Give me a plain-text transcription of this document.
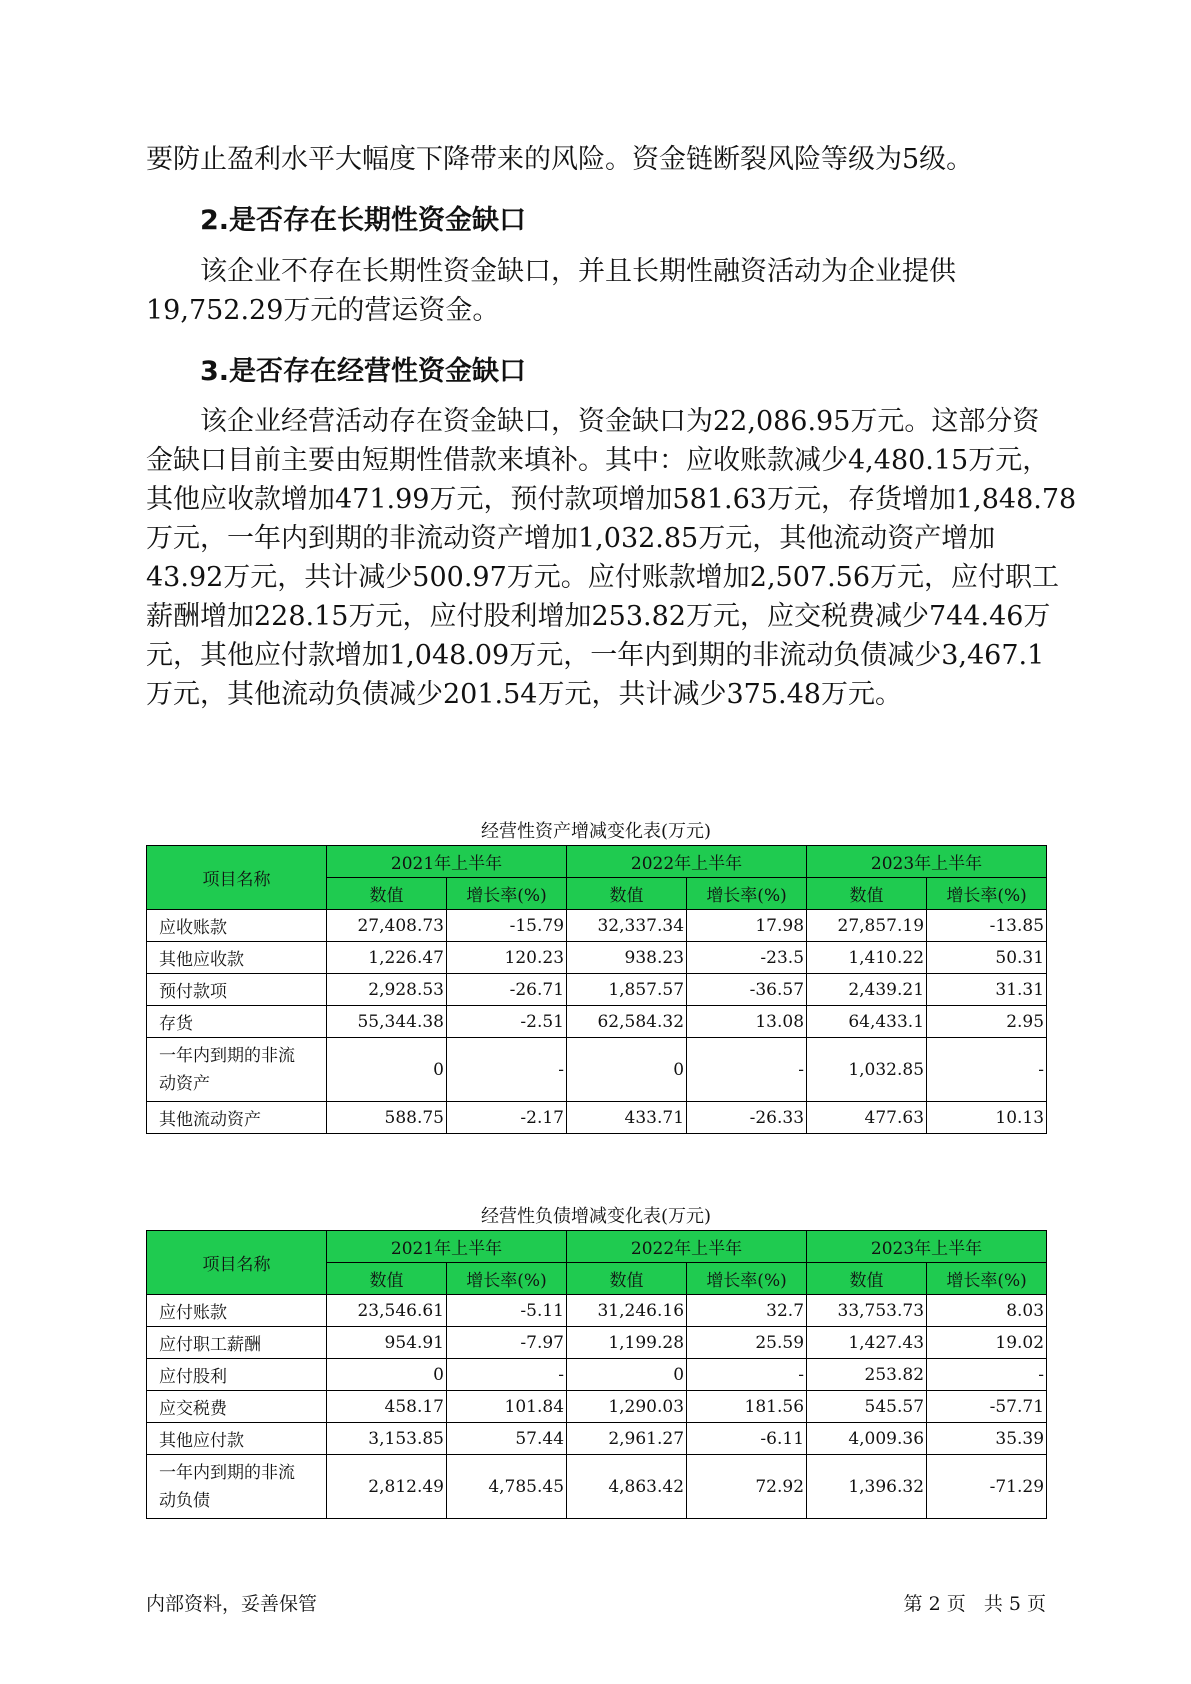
要防止盈利水平大幅度下降带来的风险。资金链断裂风险等级为5级。

2.是否存在长期性资金缺口

该企业不存在长期性资金缺口，并且长期性融资活动为企业提供
19,752.29万元的营运资金。

3.是否存在经营性资金缺口

该企业经营活动存在资金缺口，资金缺口为22,086.95万元。这部分资
金缺口目前主要由短期性借款来填补。其中：应收账款减少4,480.15万元，
其他应收款增加471.99万元，预付款项增加581.63万元，存货增加1,848.78
万元，一年内到期的非流动资产增加1,032.85万元，其他流动资产增加
43.92万元，共计减少500.97万元。应付账款增加2,507.56万元，应付职工
薪酬增加228.15万元，应付股利增加253.82万元，应交税费减少744.46万
元，其他应付款增加1,048.09万元，一年内到期的非流动负债减少3,467.1
万元，其他流动负债减少201.54万元，共计减少375.48万元。

经营性资产增减变化表(万元)
项目名称	2021年上半年		2022年上半年		2023年上半年	
	数值	增长率(%)	数值	增长率(%)	数值	增长率(%)
应收账款	27,408.73	-15.79	32,337.34	17.98	27,857.19	-13.85
其他应收款	1,226.47	120.23	938.23	-23.5	1,410.22	50.31
预付款项	2,928.53	-26.71	1,857.57	-36.57	2,439.21	31.31
存货	55,344.38	-2.51	62,584.32	13.08	64,433.1	2.95
一年内到期的非流
动资产	0	-	0	-	1,032.85	-
其他流动资产	588.75	-2.17	433.71	-26.33	477.63	10.13
经营性负债增减变化表(万元)
项目名称	2021年上半年		2022年上半年		2023年上半年	
	数值	增长率(%)	数值	增长率(%)	数值	增长率(%)
应付账款	23,546.61	-5.11	31,246.16	32.7	33,753.73	8.03
应付职工薪酬	954.91	-7.97	1,199.28	25.59	1,427.43	19.02
应付股利	0	-	0	-	253.82	-
应交税费	458.17	101.84	1,290.03	181.56	545.57	-57.71
其他应付款	3,153.85	57.44	2,961.27	-6.11	4,009.36	35.39
一年内到期的非流
动负债	2,812.49	4,785.45	4,863.42	72.92	1,396.32	-71.29
内部资料，妥善保管	第 2 页   共 5 页
